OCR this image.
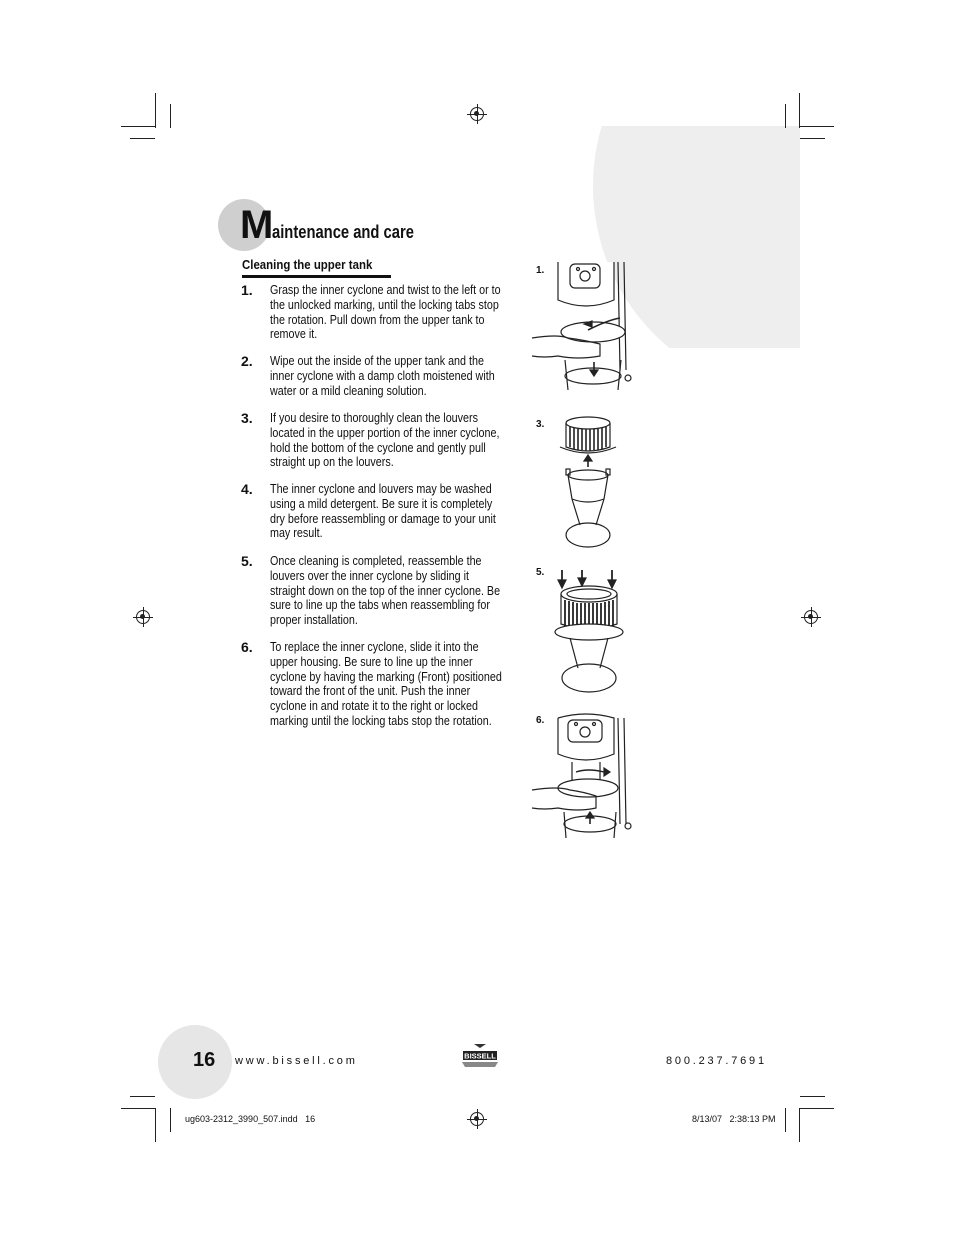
Maintenance and care
Cleaning the upper tank
1. Grasp the inner cyclone and twist to the left or to the unlocked marking, until the locking tabs stop the rotation. Pull down from the upper tank to remove it.
2. Wipe out the inside of the upper tank and the inner cyclone with a damp cloth moistened with water or a mild cleaning solution.
3. If you desire to thoroughly clean the louvers located in the upper portion of the inner cyclone, hold the bottom of the cyclone and gently pull straight up on the louvers.
4. The inner cyclone and louvers may be washed using a mild detergent. Be sure it is completely dry before reassembling or damage to your unit may result.
5. Once cleaning is completed, reassemble the louvers over the inner cyclone by sliding it straight down on the top of the inner cyclone. Be sure to line up the tabs when reassembling for proper installation.
6. To replace the inner cyclone, slide it into the upper housing. Be sure to line up the inner cyclone by having the marking (Front) positioned toward the front of the unit. Push the inner cyclone in and rotate it to the right or locked marking until the locking tabs stop the rotation.
1.
3.
5.
6.
16 www.bissell.com	800.237.7691
BISSELL
ug603-2312_3990_507.indd   16	8/13/07   2:38:13 PM
